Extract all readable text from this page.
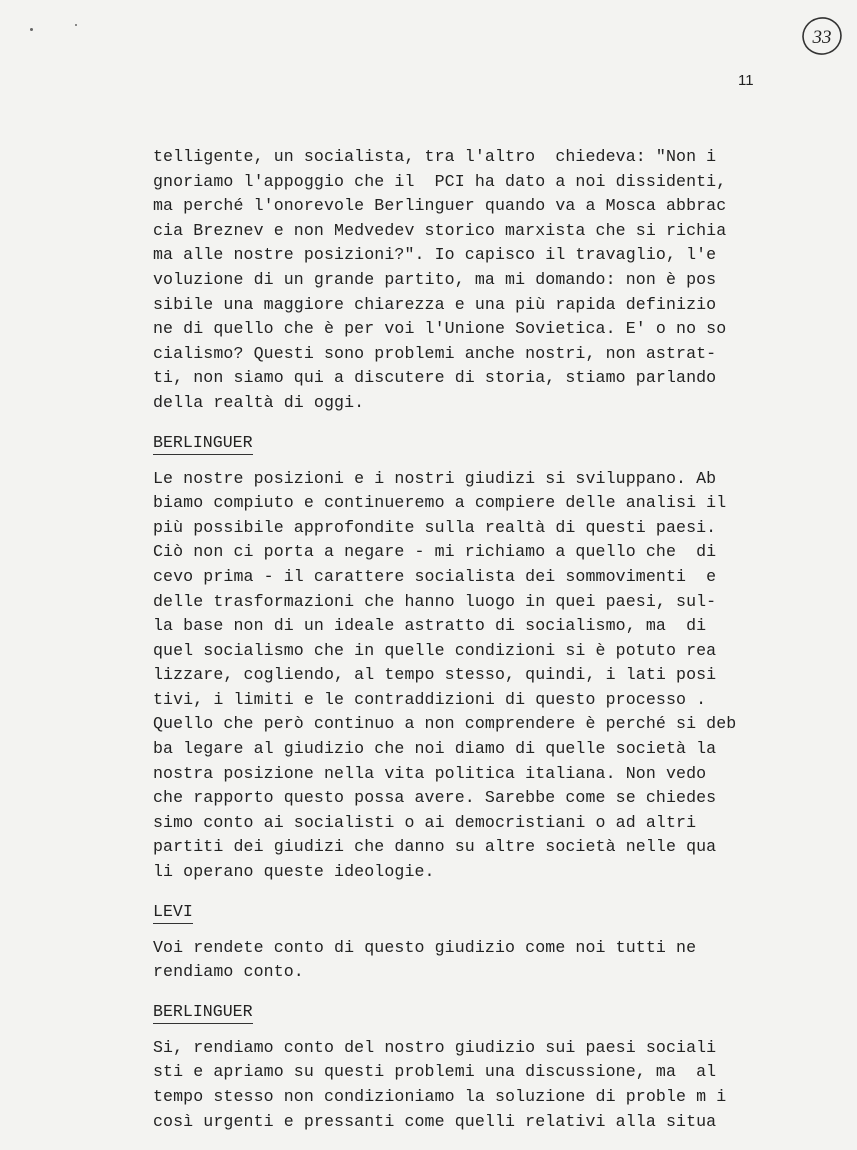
33
11
telligente, un socialista, tra l'altro  chiedeva: "Non i
gnoriamo l'appoggio che il  PCI ha dato a noi dissidenti,
ma perché l'onorevole Berlinguer quando va a Mosca abbrac
cia Breznev e non Medvedev storico marxista che si richia
ma alle nostre posizioni?". Io capisco il travaglio, l'e
voluzione di un grande partito, ma mi domando: non è pos
sibile una maggiore chiarezza e una più rapida definizio
ne di quello che è per voi l'Unione Sovietica. E' o no so
cialismo? Questi sono problemi anche nostri, non astrat-
ti, non siamo qui a discutere di storia, stiamo parlando
della realtà di oggi.
BERLINGUER
Le nostre posizioni e i nostri giudizi si sviluppano. Ab
biamo compiuto e continueremo a compiere delle analisi il
più possibile approfondite sulla realtà di questi paesi.
Ciò non ci porta a negare - mi richiamo a quello che  di
cevo prima - il carattere socialista dei sommovimenti  e
delle trasformazioni che hanno luogo in quei paesi, sul-
la base non di un ideale astratto di socialismo, ma  di
quel socialismo che in quelle condizioni si è potuto rea
lizzare, cogliendo, al tempo stesso, quindi, i lati posi
tivi, i limiti e le contraddizioni di questo processo .
Quello che però continuo a non comprendere è perché si deb
ba legare al giudizio che noi diamo di quelle società la
nostra posizione nella vita politica italiana. Non vedo
che rapporto questo possa avere. Sarebbe come se chiedes
simo conto ai socialisti o ai democristiani o ad altri
partiti dei giudizi che danno su altre società nelle qua
li operano queste ideologie.
LEVI
Voi rendete conto di questo giudizio come noi tutti ne
rendiamo conto.
BERLINGUER
Si, rendiamo conto del nostro giudizio sui paesi sociali
sti e apriamo su questi problemi una discussione, ma  al
tempo stesso non condizioniamo la soluzione di proble m i
così urgenti e pressanti come quelli relativi alla situa
